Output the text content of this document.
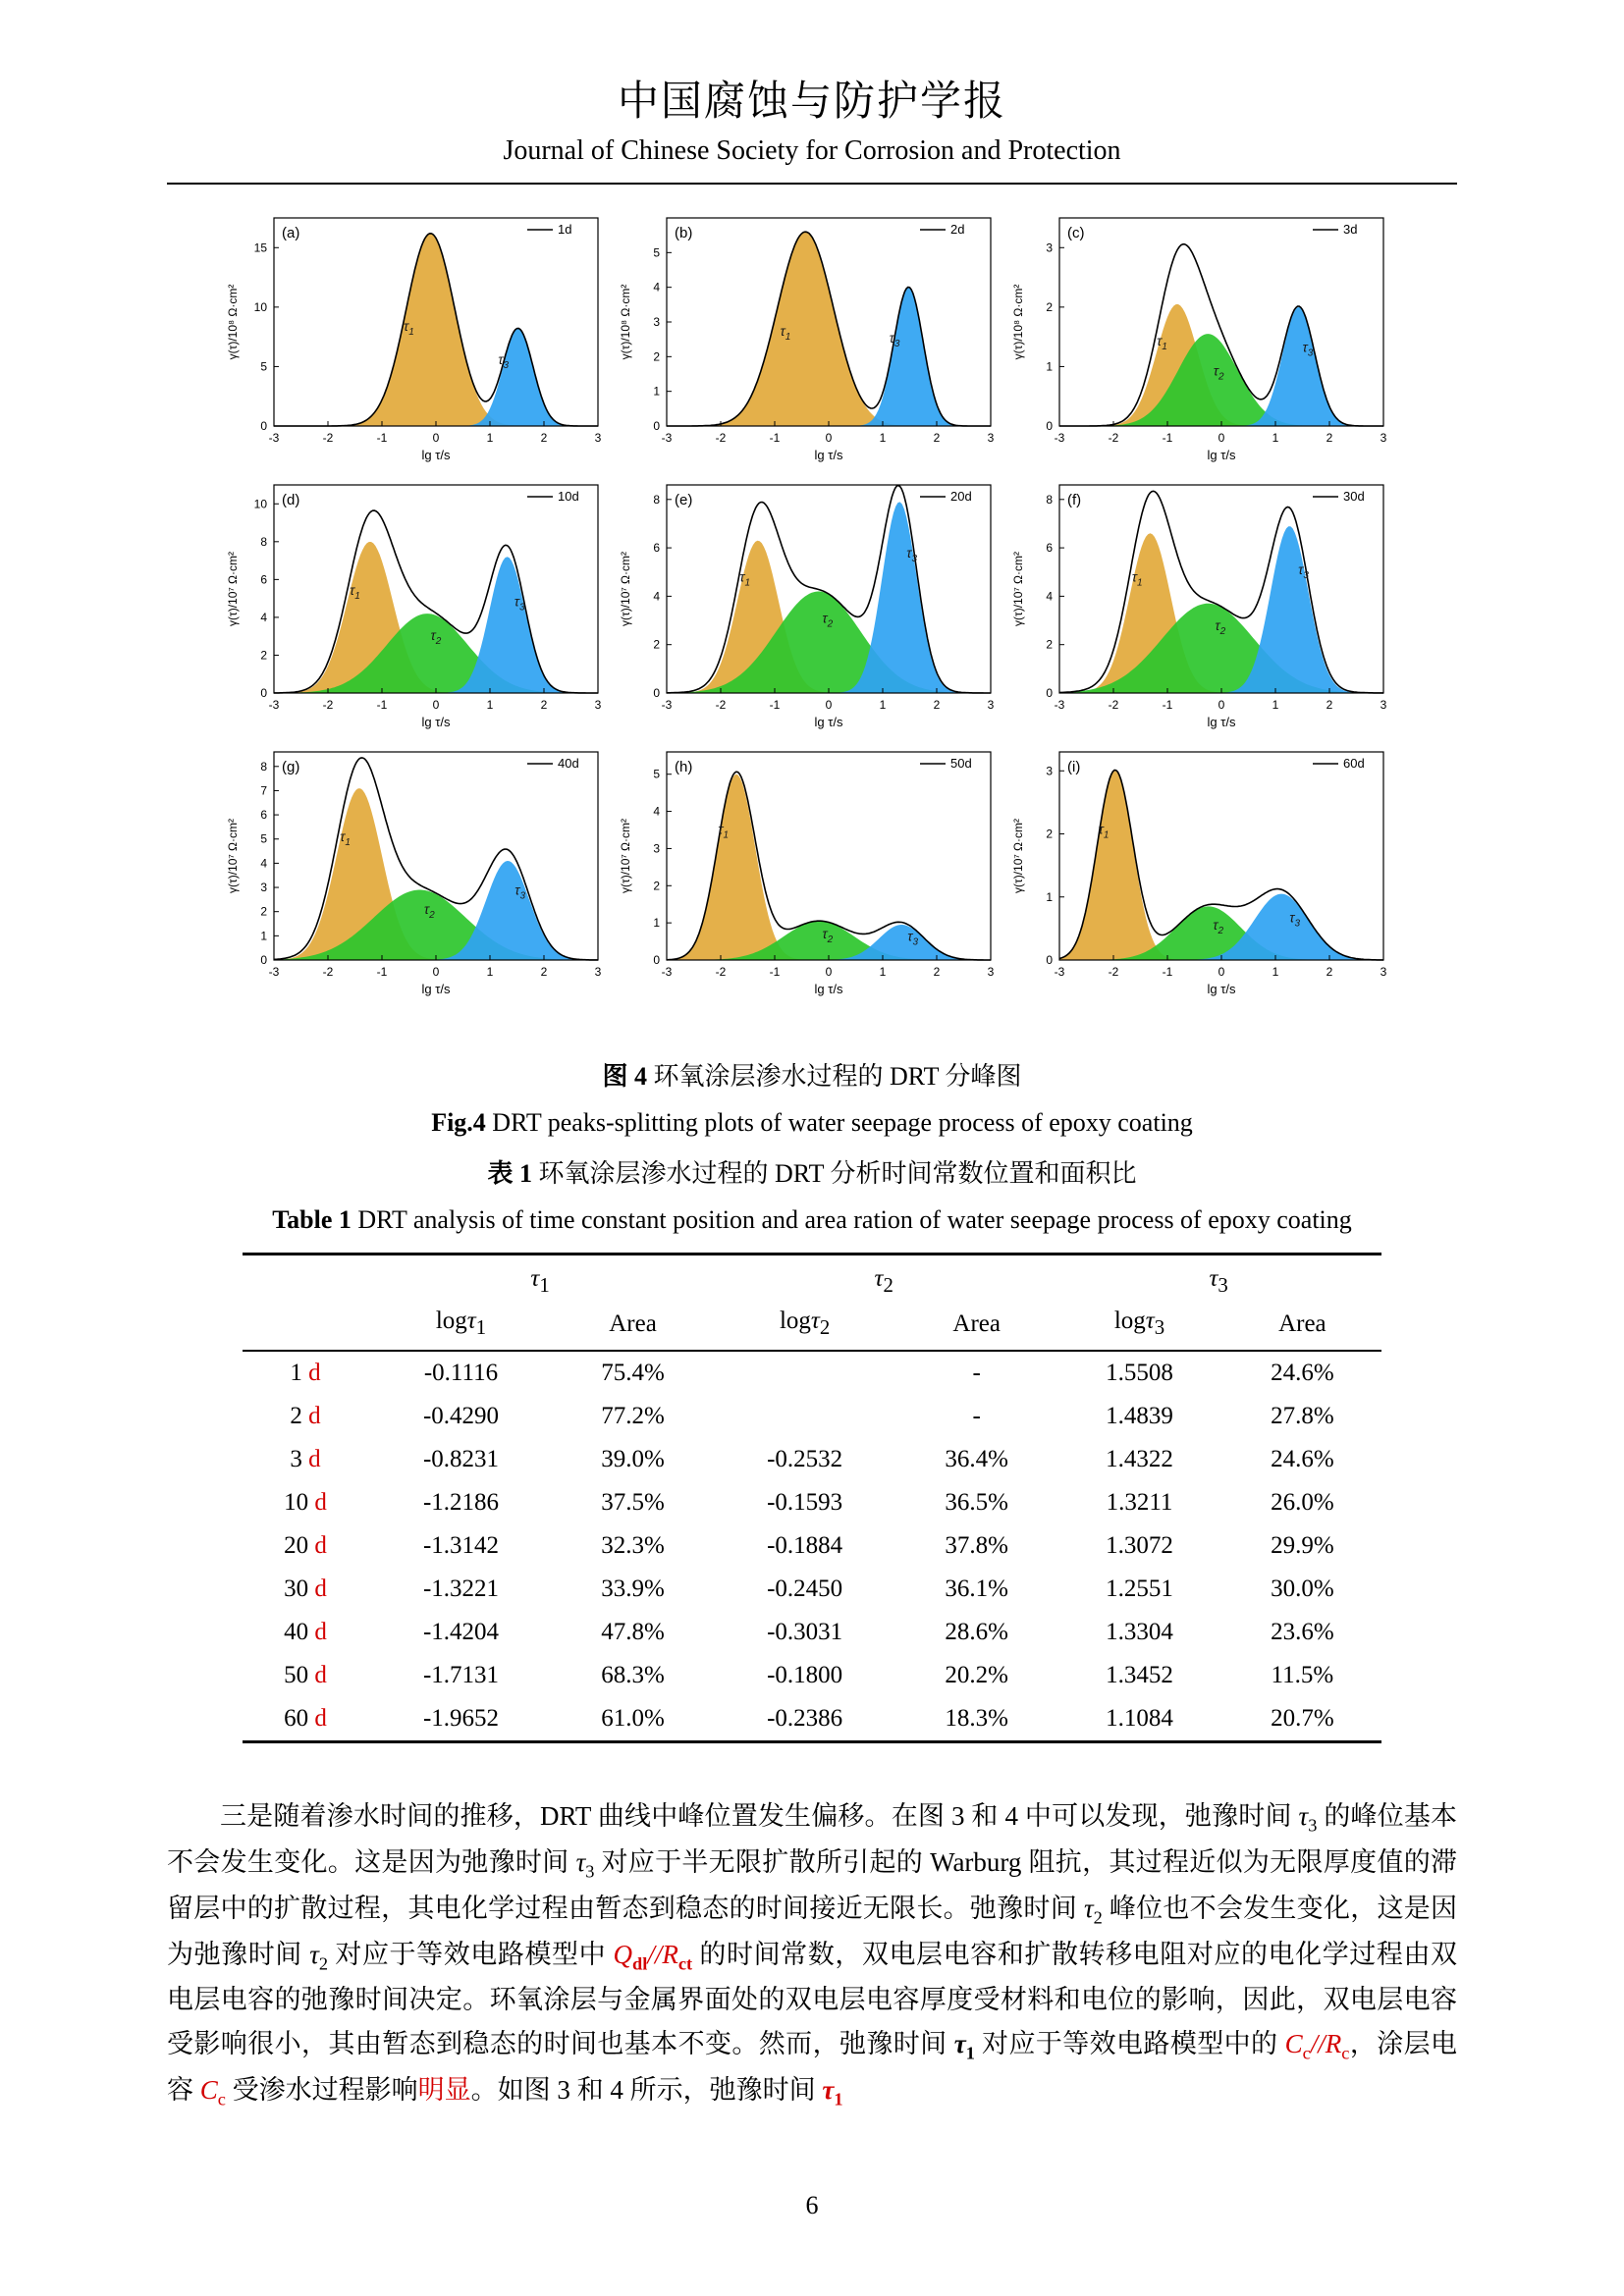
中国腐蚀与防护学报
Journal of Chinese Society for Corrosion and Protection
-3	-2	-1	0	1	2	3
0
5
10
15
lg τ/s
γ(τ)/10⁸ Ω·cm²
(a)	1d
$\tau_1$
$\tau_3$
-3	-2	-1	0	1	2	3
0
1
2
3
4
5
lg τ/s
γ(τ)/10⁸ Ω·cm²
(b)	2d
$\tau_1$	$\tau_3$
-3	-2	-1	0	1	2	3
0
1
2
3
lg τ/s
γ(τ)/10⁸ Ω·cm²
(c)	3d
$\tau_1$
$\tau_2$
$\tau_3$
-3	-2	-1	0	1	2	3
0
2
4
6
8
10
lg τ/s
γ(τ)/10⁷ Ω·cm²
(d)	10d
$\tau_1$
$\tau_2$
$\tau_3$
-3	-2	-1	0	1	2	3
0
2
4
6
8
lg τ/s
γ(τ)/10⁷ Ω·cm²
(e)	20d
$\tau_1$
$\tau_2$
$\tau_3$
-3	-2	-1	0	1	2	3
0
2
4
6
8
lg τ/s
γ(τ)/10⁷ Ω·cm²
(f)	30d
$\tau_1$
$\tau_2$
$\tau_3$
-3	-2	-1	0	1	2	3
0
1
2
3
4
5
6
7
8
lg τ/s
γ(τ)/10⁷ Ω·cm²
(g)	40d
$\tau_1$
$\tau_2$
$\tau_3$
-3	-2	-1	0	1	2	3
0
1
2
3
4
5
lg τ/s
γ(τ)/10⁷ Ω·cm²
(h)	50d
$\tau_1$
$\tau_2$	$\tau_3$
-3	-2	-1	0	1	2	3
0
1
2
3
lg τ/s
γ(τ)/10⁷ Ω·cm²
(i)	60d
$\tau_1$
$\tau_2$
$\tau_3$
图 4 环氧涂层渗水过程的 DRT 分峰图
Fig.4 DRT peaks-splitting plots of water seepage process of epoxy coating
表 1 环氧涂层渗水过程的 DRT 分析时间常数位置和面积比
Table 1 DRT analysis of time constant position and area ration of water seepage process of epoxy coating
	$\tau_1$		$\tau_2$		$\tau_3$
	logτ$_1$	Area	logτ$_2$	Area	logτ$_3$	Area
1 d	-0.1116	75.4%		-	1.5508	24.6%
2 d	-0.4290	77.2%		-	1.4839	27.8%
3 d	-0.8231	39.0%	-0.2532	36.4%	1.4322	24.6%
10 d	-1.2186	37.5%	-0.1593	36.5%	1.3211	26.0%
20 d	-1.3142	32.3%	-0.1884	37.8%	1.3072	29.9%
30 d	-1.3221	33.9%	-0.2450	36.1%	1.2551	30.0%
40 d	-1.4204	47.8%	-0.3031	28.6%	1.3304	23.6%
50 d	-1.7131	68.3%	-0.1800	20.2%	1.3452	11.5%
60 d	-1.9652	61.0%	-0.2386	18.3%	1.1084	20.7%

三是随着渗水时间的推移，DRT 曲线中峰位置发生偏移。在图 3 和 4 中可以发现，弛豫时间 $\tau_3$ 的峰位基本不会发生变化。这是因为弛豫时间 $\tau_3$ 对应于半无限扩散所引起的 Warburg 阻抗，其过程近似为无限厚度值的滞留层中的扩散过程，其电化学过程由暂态到稳态的时间接近无限长。弛豫时间 $\tau_2$ 峰位也不会发生变化，这是因为弛豫时间 $\tau_2$ 对应于等效电路模型中 $Q_{dl}//R_{ct}$ 的时间常数，双电层电容和扩散转移电阻对应的电化学过程由双电层电容的弛豫时间决定。环氧涂层与金属界面处的双电层电容厚度受材料和电位的影响，因此，双电层电容受影响很小，其由暂态到稳态的时间也基本不变。然而，弛豫时间 $\tau_1$ 对应于等效电路模型中的 $C_c//R_c$，涂层电容 $C_c$ 受渗水过程影响明显。如图 3 和 4 所示，弛豫时间 $\tau_1$

6
